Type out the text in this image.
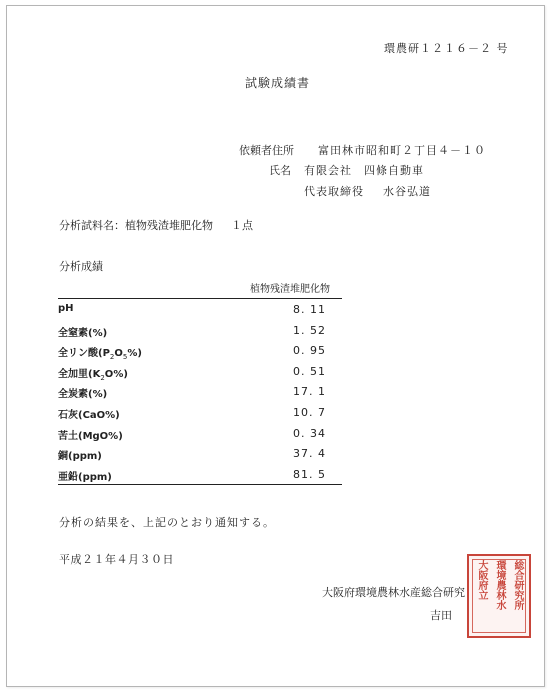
環農研１２１６－２ 号
試験成績書
依頼者住所 富田林市昭和町２丁目４－１０
氏名 有限会社　四條自動車
代表取締役 水谷弘道
分析試料名：植物残渣堆肥化物 １点
分析成績
植物残渣堆肥化物
pH	8. 11
全窒素(%)	1. 52
全リン酸$(P_2O_5\%)$	0. 95
全加里$(K_2O\%)$	0. 51
全炭素(%)	17. 1
石灰(CaO%)	10. 7
苦土(MgO%)	0. 34
銅(ppm)	37. 4
亜鉛(ppm)	81. 5
分析の結果を、上記のとおり通知する。
平成２１年４月３０日
大阪府環境農林水産総合研究
吉田
総合研究所
環境農林水
大阪府立
